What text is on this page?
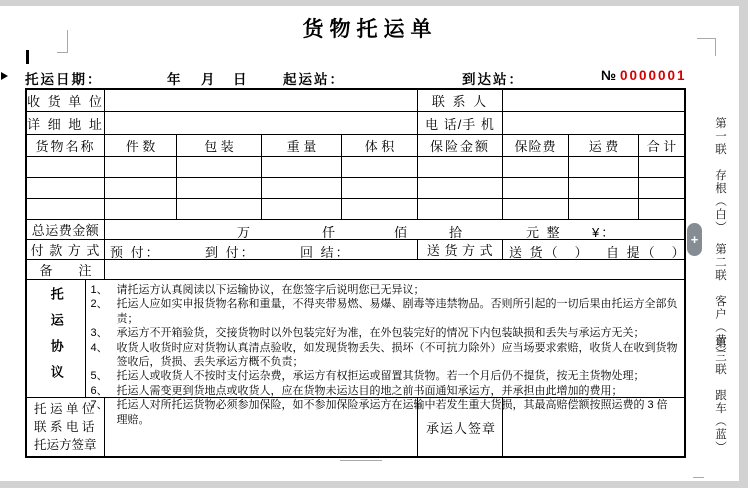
货物托运单
托运日期：	年 月 日	起运站：	到达站：	№ 0000001
收 货 单 位	联 系 人
详 细 地 址	电 话/手 机
货物名称	件 数	包 装	重 量	体 积	保险金额	保险费	运 费	合 计
总运费金额	万	仟	佰	拾	元 整 ¥：
付 款 方 式 预 付：	到 付：	回 结：	送 货 方 式	送 货（　） 自 提（　）
备　　注
托运协议 1、 请托运方认真阅读以下运输协议，在您签字后说明您已无异议；
2、 托运人应如实申报货物名称和重量，不得夹带易燃、易爆、剧毒等违禁物品。否则所引起的一切后果由托运方全部负责；
3、 承运方不开箱验货，交接货物时以外包装完好为准，在外包装完好的情况下内包装缺损和丢失与承运方无关；
4、 收货人收货时应对货物认真清点验收，如发现货物丢失、损坏（不可抗力除外）应当场要求索赔，收货人在收到货物签收后，货损、丢失承运方概不负责；
5、 托运人或收货人不按时支付运杂费，承运方有权拒运或留置其货物。若一个月后仍不提货，按无主货物处理；
6、 托运人需变更到货地点或收货人，应在货物未运达目的地之前书面通知承运方，并承担由此增加的费用；
7、 托运人对所托运货物必须参加保险，如不参加保险承运方在运输中若发生重大货损，其最高赔偿额按照运费的 3 倍理赔。
托 运 单 位
联 系 电 话
托运方签章
承运人签章
第一联　存根（白）
第二联　客户（黄）
第三联　跟车（蓝）
+
